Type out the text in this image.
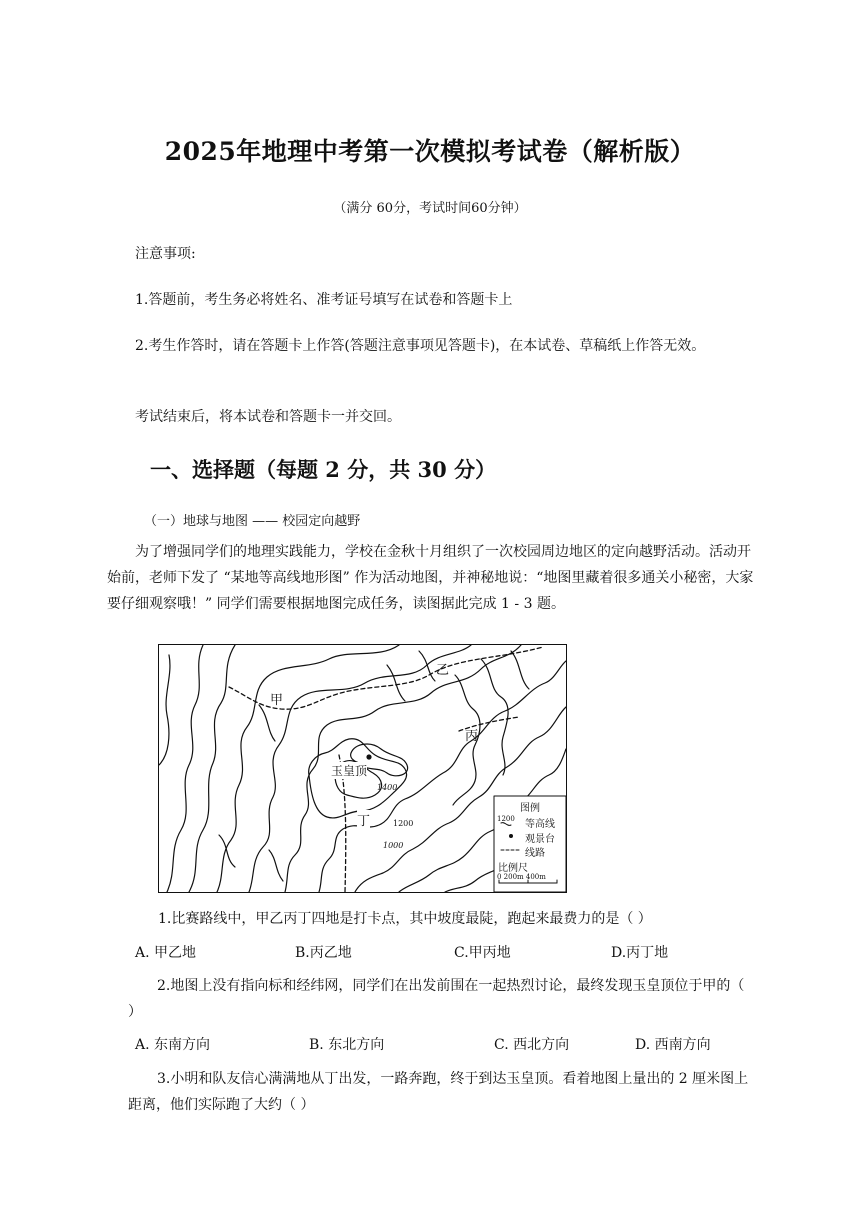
2025年地理中考第一次模拟考试卷（解析版）
（满分 60分，考试时间60分钟）
注意事项:
1.答题前，考生务必将姓名、准考证号填写在试卷和答题卡上
2.考生作答时，请在答题卡上作答(答题注意事项见答题卡)，在本试卷、草稿纸上作答无效。
考试结束后，将本试卷和答题卡一并交回。
一、选择题（每题 2 分，共 30 分）
（一）地球与地图 —— 校园定向越野
为了增强同学们的地理实践能力，学校在金秋十月组织了一次校园周边地区的定向越野活动。活动开始前，老师下发了 “某地等高线地形图” 作为活动地图，并神秘地说：“地图里藏着很多通关小秘密，大家要仔细观察哦！” 同学们需要根据地图完成任务，读图据此完成 1 - 3 题。
乙
甲
丙
玉皇顶
丁
1400
1200
1000
图例
1200 等高线
观景台
线路
比例尺
0 200m 400m
1.比赛路线中，甲乙丙丁四地是打卡点，其中坡度最陡，跑起来最费力的是（ ）
A. 甲乙地	B.丙乙地	C.甲丙地	D.丙丁地
2.地图上没有指向标和经纬网，同学们在出发前围在一起热烈讨论，最终发现玉皇顶位于甲的（ ）
A. 东南方向	B. 东北方向	C. 西北方向	D. 西南方向
3.小明和队友信心满满地从丁出发，一路奔跑，终于到达玉皇顶。看着地图上量出的 2 厘米图上距离，他们实际跑了大约（ ）
